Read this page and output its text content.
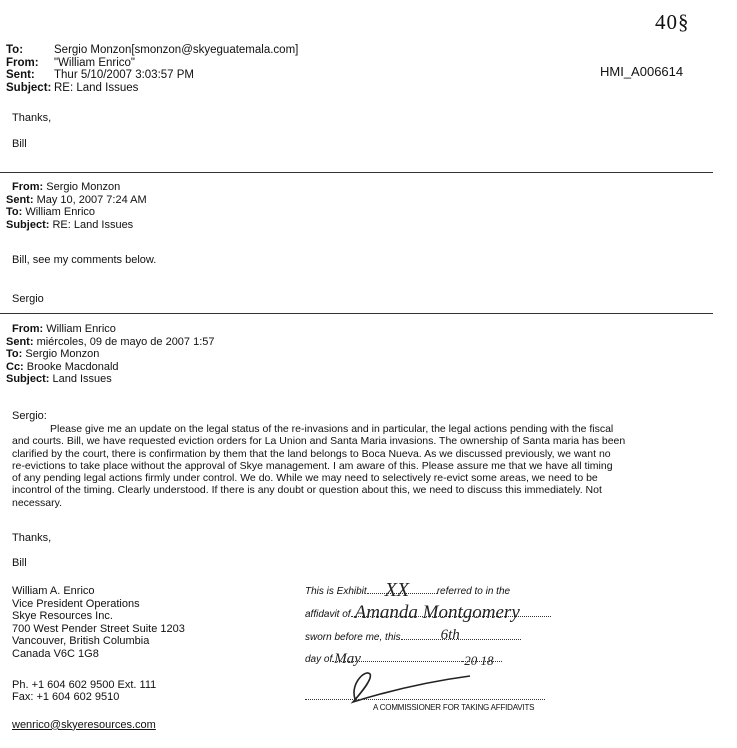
40§
HMI_A006614
To:	Sergio Monzon[smonzon@skyeguatemala.com]
From:	"William Enrico"
Sent:	Thur 5/10/2007 3:03:57 PM
Subject: RE: Land Issues
Thanks,
Bill
From: Sergio Monzon
Sent: May 10, 2007 7:24 AM
To: William Enrico
Subject: RE: Land Issues
Bill, see my comments below.
Sergio
From: William Enrico
Sent: miércoles, 09 de mayo de 2007 1:57
To: Sergio Monzon
Cc: Brooke Macdonald
Subject: Land Issues
Sergio:
Please give me an update on the legal status of the re-invasions and in particular, the legal actions pending with the fiscal
and courts. Bill, we have requested eviction orders for La Union and Santa Maria invasions. The ownership of Santa maria has been
clarified by the court, there is confirmation by them that the land belongs to Boca Nueva. As we discussed previously, we want no
re-evictions to take place without the approval of Skye management. I am aware of this. Please assure me that we have all timing
of any pending legal actions firmly under control. We do. While we may need to selectively re-evict some areas, we need to be
incontrol of the timing. Clearly understood. If there is any doubt or question about this, we need to discuss this immediately. Not
necessary.
Thanks,
Bill
William A. Enrico
Vice President Operations
Skye Resources Inc.
700 West Pender Street Suite 1203
Vancouver, British Columbia
Canada V6C 1G8
Ph. +1 604 602 9500 Ext. 111
Fax: +1 604 602 9510
wenrico@skyeresources.com
This is Exhibit XX	referred to in the
affidavit of Amanda Montgomery
sworn before me, this	6th
day of May	20 18
A COMMISSIONER FOR TAKING AFFIDAVITS
